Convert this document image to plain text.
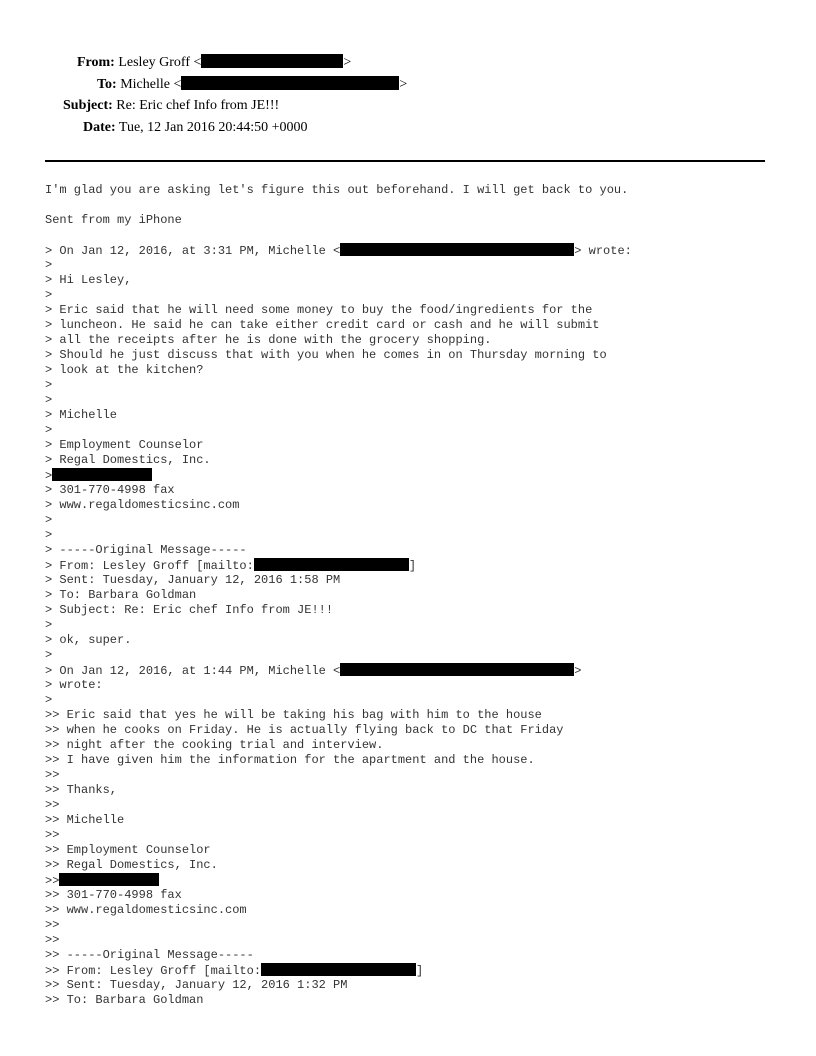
From: Lesley Groff <	>
To: Michelle <	>
Subject: Re: Eric chef Info from JE!!!
Date: Tue, 12 Jan 2016 20:44:50 +0000
I'm glad you are asking let's figure this out beforehand. I will get back to you.
Sent from my iPhone
> On Jan 12, 2016, at 3:31 PM, Michelle <	> wrote:
>
> Hi Lesley,
>
> Eric said that he will need some money to buy the food/ingredients for the
> luncheon. He said he can take either credit card or cash and he will submit
> all the receipts after he is done with the grocery shopping.
> Should he just discuss that with you when he comes in on Thursday morning to
> look at the kitchen?
>
>
> Michelle
>
> Employment Counselor
> Regal Domestics, Inc.
>
> 301-770-4998 fax
> www.regaldomesticsinc.com
>
>
> -----Original Message-----
> From: Lesley Groff [mailto:	]
> Sent: Tuesday, January 12, 2016 1:58 PM
> To: Barbara Goldman
> Subject: Re: Eric chef Info from JE!!!
>
> ok, super.
>
> On Jan 12, 2016, at 1:44 PM, Michelle <	>
> wrote:
>
>> Eric said that yes he will be taking his bag with him to the house
>> when he cooks on Friday. He is actually flying back to DC that Friday
>> night after the cooking trial and interview.
>> I have given him the information for the apartment and the house.
>>
>> Thanks,
>>
>> Michelle
>>
>> Employment Counselor
>> Regal Domestics, Inc.
>>
>> 301-770-4998 fax
>> www.regaldomesticsinc.com
>>
>>
>> -----Original Message-----
>> From: Lesley Groff [mailto:	]
>> Sent: Tuesday, January 12, 2016 1:32 PM
>> To: Barbara Goldman
